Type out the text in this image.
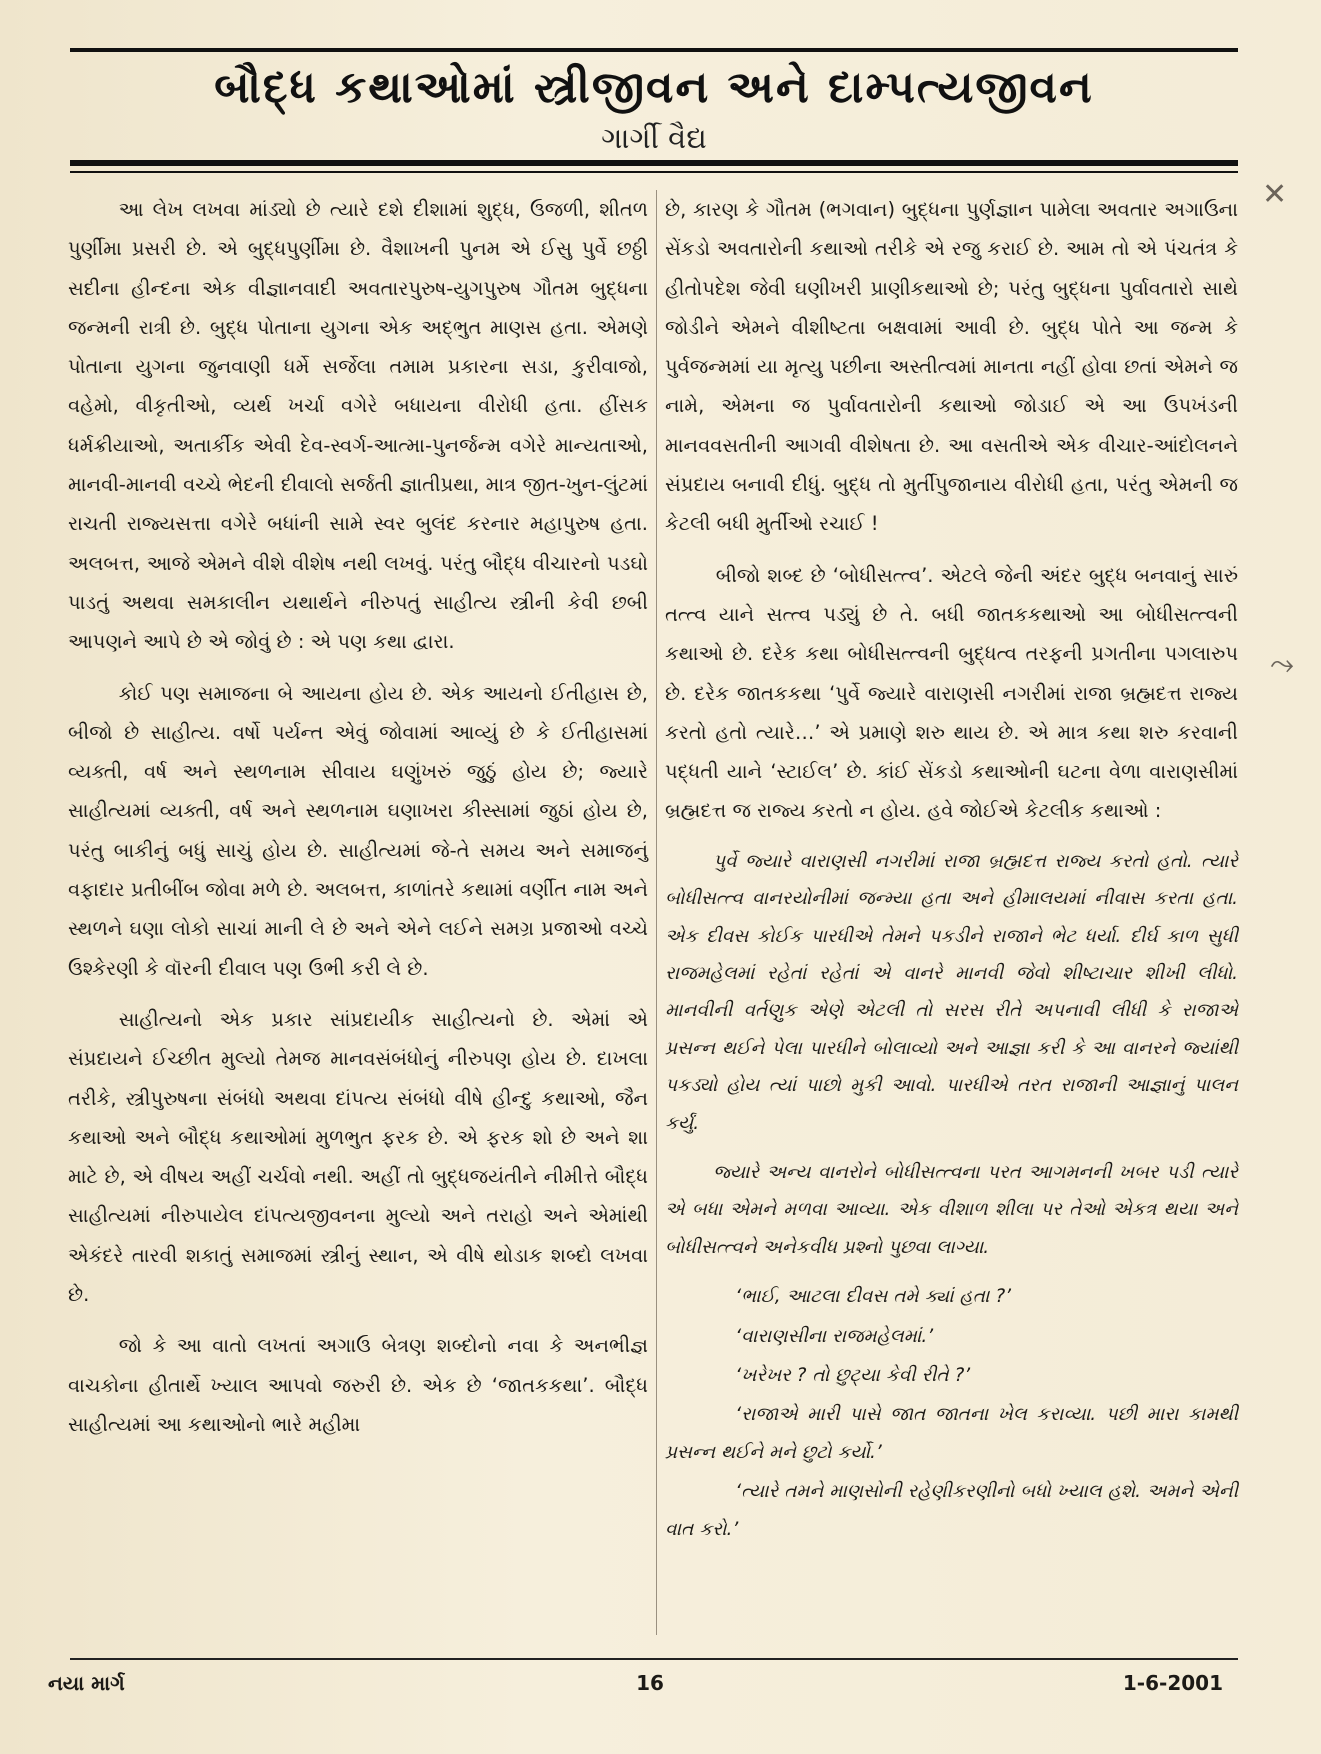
બૌદ્ધ કથાઓમાં સ્ત્રીજીવન અને દામ્પત્યજીવન
ગાર્ગી વૈદ્ય

આ લેખ લખવા માંડ્યો છે ત્યારે દશે દીશામાં શુદ્ધ, ઉજળી, શીતળ પુર્ણીમા પ્રસરી છે. એ બુદ્ધપુર્ણીમા છે. વૈશાખની પુનમ એ ઈસુ પુર્વે છઠ્ઠી સદીના હીન્દના એક વીજ્ઞાનવાદી અવતારપુરુષ-યુગપુરુષ ગૌતમ બુદ્ધના જન્મની રાત્રી છે. બુદ્ધ પોતાના યુગના એક અદ્ભુત માણસ હતા. એમણે પોતાના યુગના જુનવાણી ધર્મે સર્જેલા તમામ પ્રકારના સડા, કુરીવાજો, વહેમો, વીકૃતીઓ, વ્યર્થ ખર્ચા વગેરે બધાયના વીરોધી હતા. હીંસક ધર્મક્રીયાઓ, અતાર્કીક એવી દેવ-સ્વર્ગ-આત્મા-પુનર્જન્મ વગેરે માન્યતાઓ, માનવી-માનવી વચ્ચે ભેદની દીવાલો સર્જતી જ્ઞાતીપ્રથા, માત્ર જીત-ખુન-લુંટમાં રાચતી રાજ્યસત્તા વગેરે બધાંની સામે સ્વર બુલંદ કરનાર મહાપુરુષ હતા. અલબત્ત, આજે એમને વીશે વીશેષ નથી લખવું. પરંતુ બૌદ્ધ વીચારનો પડઘો પાડતું અથવા સમકાલીન યથાર્થને નીરુપતું સાહીત્ય સ્ત્રીની કેવી છબી આપણને આપે છે એ જોવું છે : એ પણ કથા દ્વારા.

કોઈ પણ સમાજના બે આયના હોય છે. એક આયનો ઈતીહાસ છે, બીજો છે સાહીત્ય. વર્ષો પર્યન્ત એવું જોવામાં આવ્યું છે કે ઈતીહાસમાં વ્યક્તી, વર્ષ અને સ્થળનામ સીવાય ઘણુંખરું જુઠું હોય છે; જ્યારે સાહીત્યમાં વ્યક્તી, વર્ષ અને સ્થળનામ ઘણાખરા કીસ્સામાં જુઠાં હોય છે, પરંતુ બાકીનું બધું સાચું હોય છે. સાહીત્યમાં જે-તે સમય અને સમાજનું વફાદાર પ્રતીબીંબ જોવા મળે છે. અલબત્ત, કાળાંતરે કથામાં વર્ણીત નામ અને સ્થળને ઘણા લોકો સાચાં માની લે છે અને એને લઈને સમગ્ર પ્રજાઓ વચ્ચે ઉશ્કેરણી કે વૉરની દીવાલ પણ ઉભી કરી લે છે.

સાહીત્યનો એક પ્રકાર સાંપ્રદાયીક સાહીત્યનો છે. એમાં એ સંપ્રદાયને ઈચ્છીત મુલ્યો તેમજ માનવસંબંધોનું નીરુપણ હોય છે. દાખલા તરીકે, સ્ત્રીપુરુષના સંબંધો અથવા દાંપત્ય સંબંધો વીષે હીન્દુ કથાઓ, જૈન કથાઓ અને બૌદ્ધ કથાઓમાં મુળભુત ફરક છે. એ ફરક શો છે અને શા માટે છે, એ વીષય અહીં ચર્ચવો નથી. અહીં તો બુદ્ધજયંતીને નીમીત્તે બૌદ્ધ સાહીત્યમાં નીરુપાયેલ દાંપત્યજીવનના મુલ્યો અને તરાહો અને એમાંથી એકંદરે તારવી શકાતું સમાજમાં સ્ત્રીનું સ્થાન, એ વીષે થોડાક શબ્દો લખવા છે.

જો કે આ વાતો લખતાં અગાઉ બેત્રણ શબ્દોનો નવા કે અનભીજ્ઞ વાચકોના હીતાર્થે ખ્યાલ આપવો જરુરી છે. એક છે ‘જાતકકથા’. બૌદ્ધ સાહીત્યમાં આ કથાઓનો ભારે મહીમા

છે, કારણ કે ગૌતમ (ભગવાન) બુદ્ધના પુર્ણજ્ઞાન પામેલા અવતાર અગાઉના સેંકડો અવતારોની કથાઓ તરીકે એ રજુ કરાઈ છે. આમ તો એ પંચતંત્ર કે હીતોપદેશ જેવી ઘણીખરી પ્રાણીકથાઓ છે; પરંતુ બુદ્ધના પુર્વાવતારો સાથે જોડીને એમને વીશીષ્ટતા બક્ષવામાં આવી છે. બુદ્ધ પોતે આ જન્મ કે પુર્વજન્મમાં યા મૃત્યુ પછીના અસ્તીત્વમાં માનતા નહીં હોવા છતાં એમને જ નામે, એમના જ પુર્વાવતારોની કથાઓ જોડાઈ એ આ ઉપખંડની માનવવસતીની આગવી વીશેષતા છે. આ વસતીએ એક વીચાર-આંદોલનને સંપ્રદાય બનાવી દીધું. બુદ્ધ તો મુર્તીપુજાનાય વીરોધી હતા, પરંતુ એમની જ કેટલી બધી મુર્તીઓ રચાઈ !

બીજો શબ્દ છે ‘બોધીસત્ત્વ’. એટલે જેની અંદર બુદ્ધ બનવાનું સારું તત્ત્વ યાને સત્ત્વ પડ્યું છે તે. બધી જાતકકથાઓ આ બોધીસત્ત્વની કથાઓ છે. દરેક કથા બોધીસત્ત્વની બુદ્ધત્વ તરફની પ્રગતીના પગલારુપ છે. દરેક જાતકકથા ‘પુર્વે જ્યારે વારાણસી નગરીમાં રાજા બ્રહ્મદત્ત રાજ્ય કરતો હતો ત્યારે…’ એ પ્રમાણે શરુ થાય છે. એ માત્ર કથા શરુ કરવાની પદ્ધતી યાને ‘સ્ટાઈલ’ છે. કાંઈ સેંકડો કથાઓની ઘટના વેળા વારાણસીમાં બ્રહ્મદત્ત જ રાજ્ય કરતો ન હોય. હવે જોઈએ કેટલીક કથાઓ :

પુર્વે જ્યારે વારાણસી નગરીમાં રાજા બ્રહ્મદત્ત રાજ્ય કરતો હતો. ત્યારે બોધીસત્ત્વ વાનરયોનીમાં જન્મ્યા હતા અને હીમાલયમાં નીવાસ કરતા હતા. એક દીવસ કોઈક પારધીએ તેમને પકડીને રાજાને ભેટ ધર્યા. દીર્ઘ કાળ સુધી રાજમહેલમાં રહેતાં રહેતાં એ વાનરે માનવી જેવો શીષ્ટાચાર શીખી લીધો. માનવીની વર્તણુક એણે એટલી તો સરસ રીતે અપનાવી લીધી કે રાજાએ પ્રસન્ન થઈને પેલા પારધીને બોલાવ્યો અને આજ્ઞા કરી કે આ વાનરને જ્યાંથી પકડ્યો હોય ત્યાં પાછો મુકી આવો. પારધીએ તરત રાજાની આજ્ઞાનું પાલન કર્યું.

જ્યારે અન્ય વાનરોને બોધીસત્ત્વના પરત આગમનની ખબર પડી ત્યારે એ બધા એમને મળવા આવ્યા. એક વીશાળ શીલા પર તેઓ એકત્ર થયા અને બોધીસત્ત્વને અનેકવીધ પ્રશ્નો પુછવા લાગ્યા.

‘ભાઈ, આટલા દીવસ તમે ક્યાં હતા ?’

‘વારાણસીના રાજમહેલમાં.’

‘ખરેખર ? તો છુટ્યા કેવી રીતે ?’

‘રાજાએ મારી પાસે જાત જાતના ખેલ કરાવ્યા. પછી મારા કામથી પ્રસન્ન થઈને મને છુટો કર્યો.’

‘ત્યારે તમને માણસોની રહેણીકરણીનો બધો ખ્યાલ હશે. અમને એની વાત કરો.’

✕
⤳
નયા માર્ગ	16	1-6-2001
